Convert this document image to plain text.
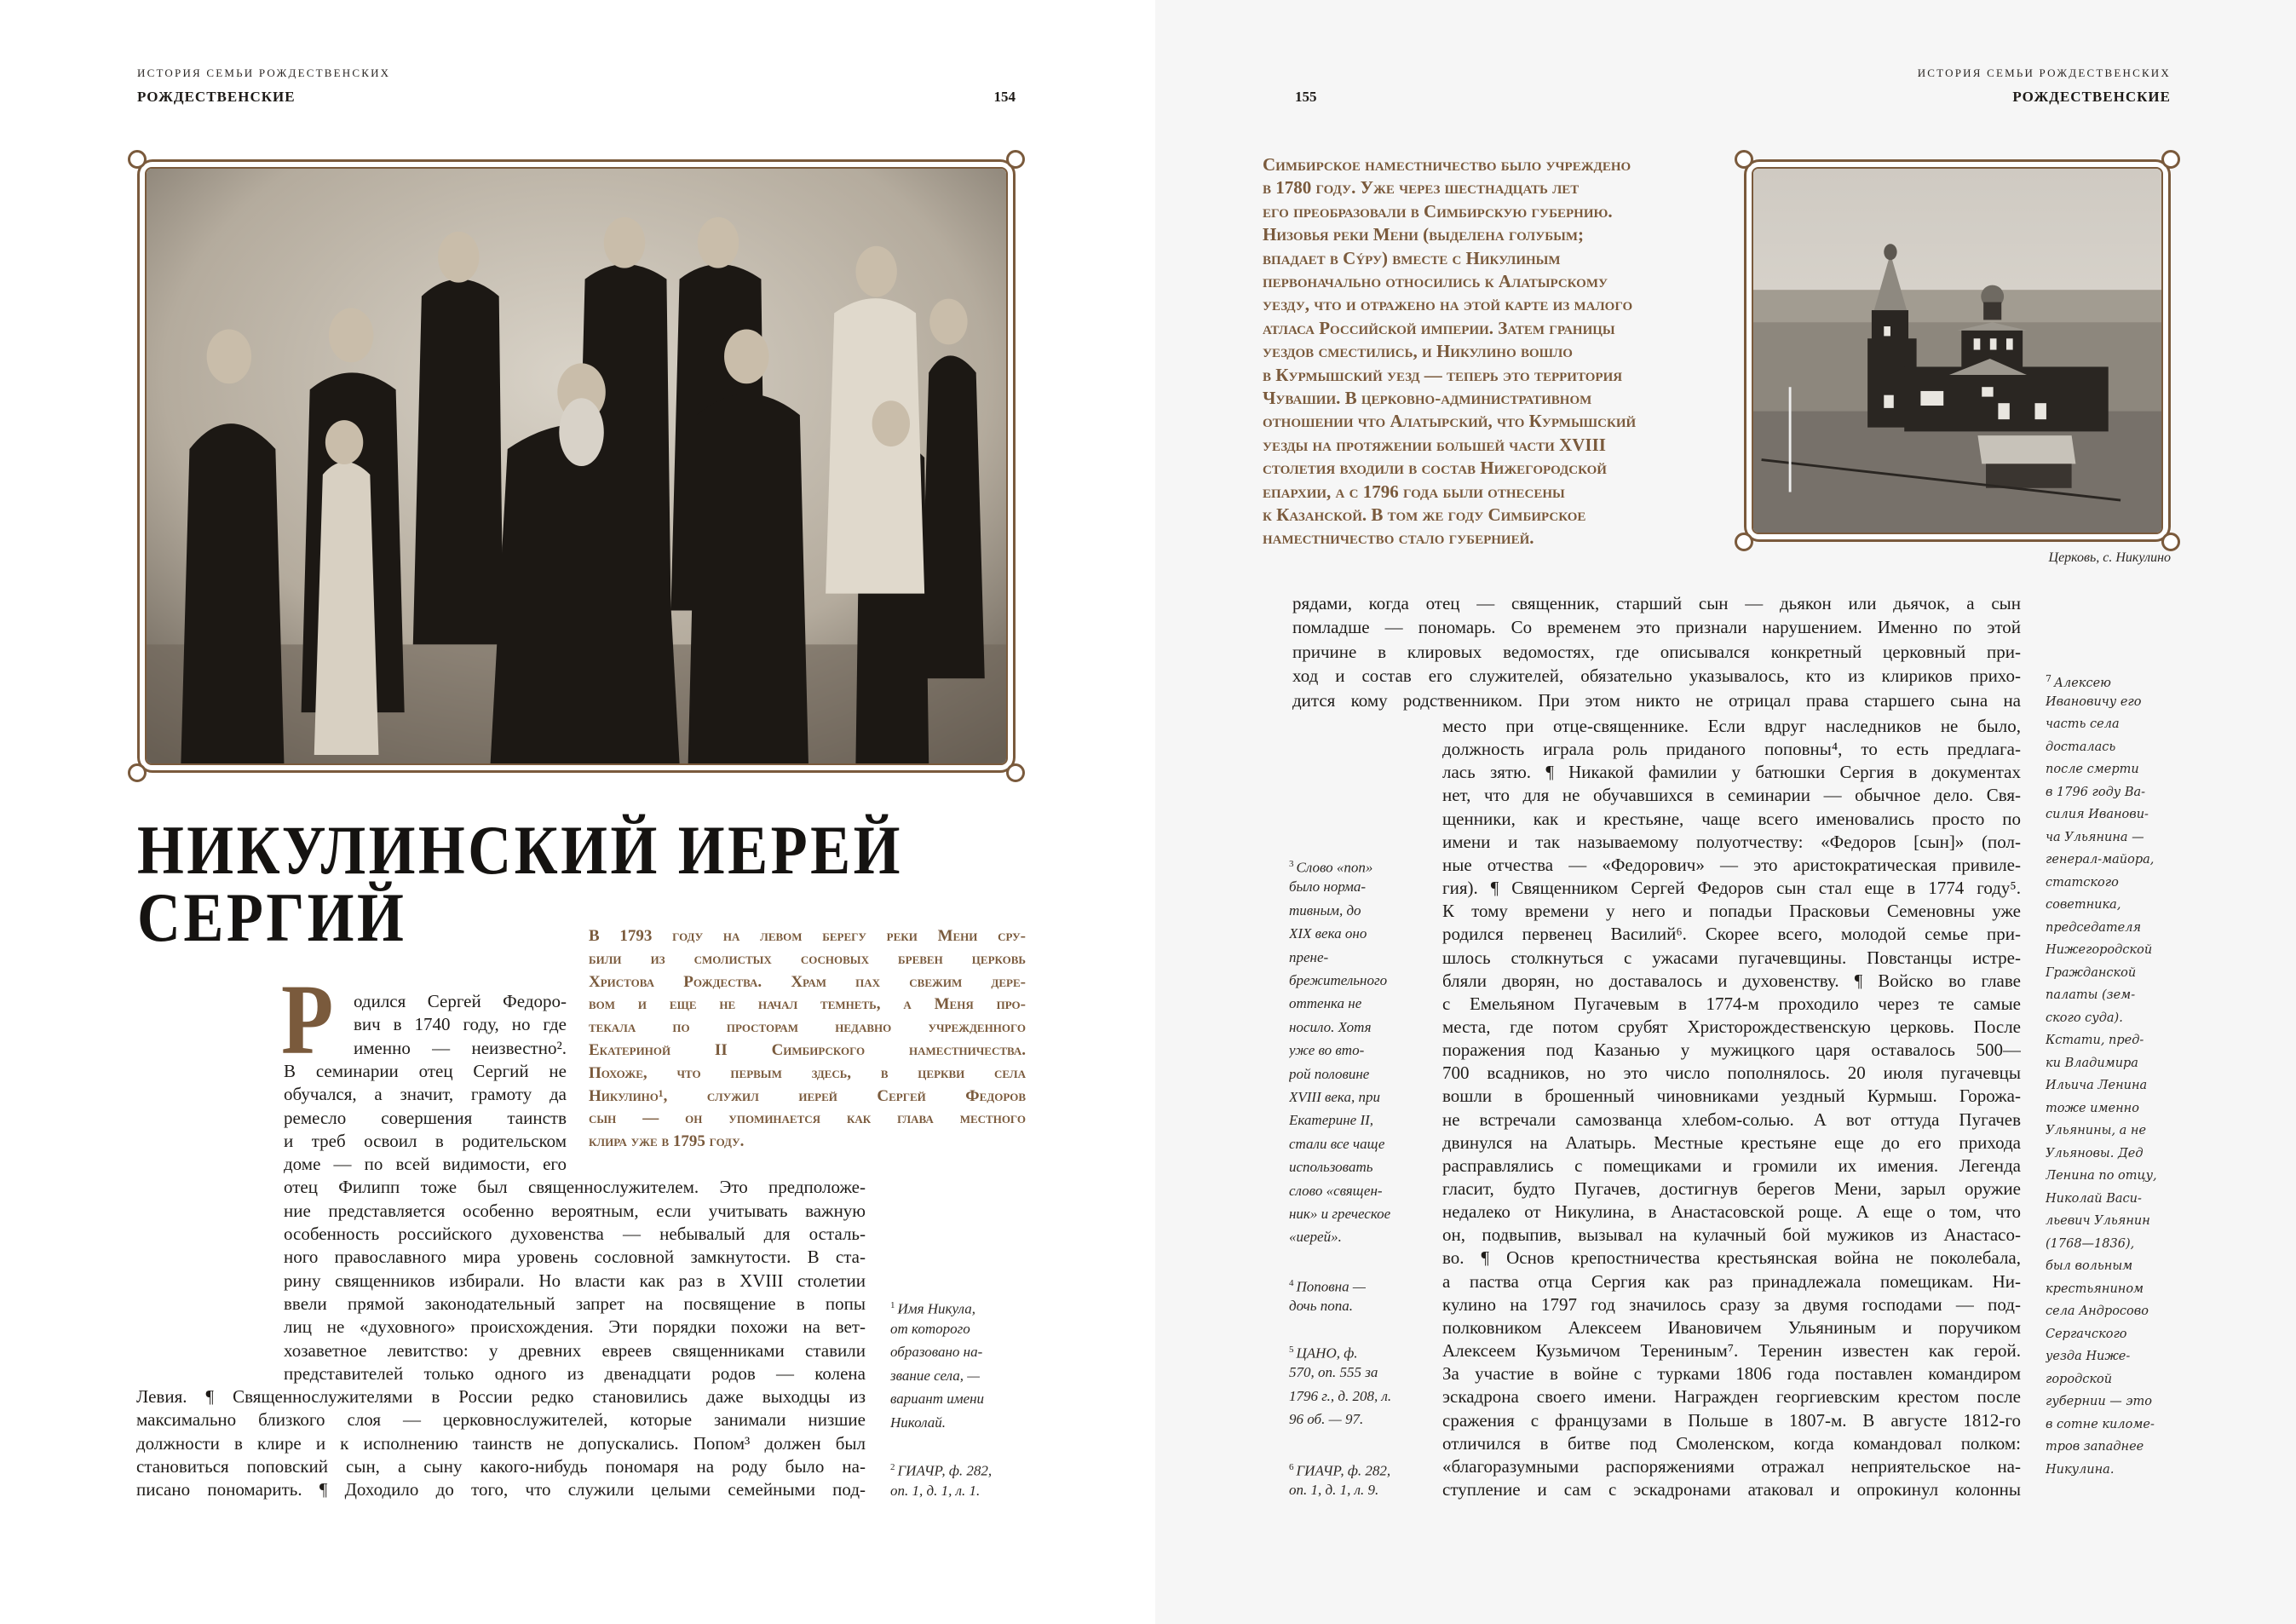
ИСТОРИЯ СЕМЬИ РОЖДЕСТВЕНСКИХ
РОЖДЕСТВЕНСКИЕ	154
НИКУЛИНСКИЙ ИЕРЕЙ
СЕРГИЙ
Р
ИСТОРИЯ СЕМЬИ РОЖДЕСТВЕНСКИХ
РОЖДЕСТВЕНСКИЕ
155
Церковь, с. Никулино
В 1793 году на левом берегу реки Мени сру-
били из смолистых сосновых бревен церковь
Христова Рождества. Храм пах свежим дере-
вом и еще не начал темнеть, а Меня про-
текала по просторам недавно учрежденного
Екатериной II Симбирского наместничества.
Похоже, что первым здесь, в церкви села
Никулино¹, служил иерей Сергей Федоров
сын — он упоминается как глава местного
клира уже в 1795 году.
одился Сергей Федоро-
вич в 1740 году, но где
именно — неизвестно².
В семинарии отец Сергий не
обучался, а значит, грамоту да
ремесло совершения таинств
и треб освоил в родительском
доме — по всей видимости, его
отец Филипп тоже был священнослужителем. Это предположе-
ние представляется особенно вероятным, если учитывать важную
особенность российского духовенства — небывалый для осталь-
ного православного мира уровень сословной замкнутости. В ста-
рину священников избирали. Но власти как раз в XVIII столетии
ввели прямой законодательный запрет на посвящение в попы
лиц не «духовного» происхождения. Эти порядки похожи на вет-
хозаветное левитство: у древних евреев священниками ставили
представителей только одного из двенадцати родов — колена
Левия. ¶ Священнослужителями в России редко становились даже выходцы из
максимально близкого слоя — церковнослужителей, которые занимали низшие
должности в клире и к исполнению таинств не допускались. Попом³ должен был
становиться поповский сын, а сыну какого-нибудь пономаря на роду было на-
писано пономарить. ¶ Доходило до того, что служили целыми семейными под-
Симбирское наместничество было учреждено
в 1780 году. Уже через шестнадцать лет
его преобразовали в Симбирскую губернию.
Низовья реки Мени (выделена голубым;
впадает в Сýру) вместе с Никулиным
первоначально относились к Алатырскому
уезду, что и отражено на этой карте из малого
атласа Российской империи. Затем границы
уездов сместились, и Никулино вошло
в Курмышский уезд — теперь это территория
Чувашии. В церковно-административном
отношении что Алатырский, что Курмышский
уезды на протяжении большей части XVIII
столетия входили в состав Нижегородской
епархии, а с 1796 года были отнесены
к Казанской. В том же году Симбирское
наместничество стало губернией.
рядами, когда отец — священник, старший сын — дьякон или дьячок, а сын
помладше — пономарь. Со временем это признали нарушением. Именно по этой
причине в клировых ведомостях, где описывался конкретный церковный при-
ход и состав его служителей, обязательно указывалось, кто из клириков прихо-
дится кому родственником. При этом никто не отрицал права старшего сына на
место при отце-священнике. Если вдруг наследников не было,
должность играла роль приданого поповны⁴, то есть предлага-
лась зятю. ¶ Никакой фамилии у батюшки Сергия в документах
нет, что для не обучавшихся в семинарии — обычное дело. Свя-
щенники, как и крестьяне, чаще всего именовались просто по
имени и так называемому полуотчеству: «Федоров [сын]» (пол-
ные отчества — «Федорович» — это аристократическая привиле-
гия). ¶ Священником Сергей Федоров сын стал еще в 1774 году⁵.
К тому времени у него и попадьи Прасковьи Семеновны уже
родился первенец Василий⁶. Скорее всего, молодой семье при-
шлось столкнуться с ужасами пугачевщины. Повстанцы истре-
бляли дворян, но доставалось и духовенству. ¶ Войско во главе
с Емельяном Пугачевым в 1774-м проходило через те самые
места, где потом срубят Христорождественскую церковь. После
поражения под Казанью у мужицкого царя оставалось 500—
700 всадников, но это число пополнялось. 20 июля пугачевцы
вошли в брошенный чиновниками уездный Курмыш. Горожа-
не встречали самозванца хлебом-солью. А вот оттуда Пугачев
двинулся на Алатырь. Местные крестьяне еще до его прихода
расправлялись с помещиками и громили их имения. Легенда
гласит, будто Пугачев, достигнув берегов Мени, зарыл оружие
недалеко от Никулина, в Анастасовской роще. А еще о том, что
он, подвыпив, вызывал на кулачный бой мужиков из Анастасо-
во. ¶ Основ крепостничества крестьянская война не поколебала,
а паства отца Сергия как раз принадлежала помещикам. Ни-
кулино на 1797 год значилось сразу за двумя господами — под-
полковником Алексеем Ивановичем Ульяниным и поручиком
Алексеем Кузьмичом Терениным⁷. Теренин известен как герой.
За участие в войне с турками 1806 года поставлен командиром
эскадрона своего имени. Награжден георгиевским крестом после
сражения с французами в Польше в 1807-м. В августе 1812-го
отличился в битве под Смоленском, когда командовал полком:
«благоразумными распоряжениями отражал неприятельское на-
ступление и сам с эскадронами атаковал и опрокинул колонны
$^1$ Имя Никула,
от которого
образовано на-
звание села, —
вариант имени
Николай.
$^2$ ГИАЧР, ф. 282,
оп. 1, д. 1, л. 1.
$^3$ Слово «поп»
было норма-
тивным, до
XIX века оно
прене-
брежительного
оттенка не
носило. Хотя
уже во вто-
рой половине
XVIII века, при
Екатерине II,
стали все чаще
использовать
слово «священ-
ник» и греческое
«иерей».
$^4$ Поповна —
дочь попа.
$^5$ ЦАНО, ф.
570, оп. 555 за
1796 г., д. 208, л.
96 об. — 97.
$^6$ ГИАЧР, ф. 282,
оп. 1, д. 1, л. 9.
$^7$ Алексею
Ивановичу его
часть села
досталась
после смерти
в 1796 году Ва-
силия Иванови-
ча Ульянина —
генерал-майора,
статского
советника,
председателя
Нижегородской
Гражданской
палаты (зем-
ского суда).
Кстати, пред-
ки Владимира
Ильича Ленина
тоже именно
Ульянины, а не
Ульяновы. Дед
Ленина по отцу,
Николай Васи-
льевич Ульянин
(1768—1836),
был вольным
крестьянином
села Андросово
Сергачского
уезда Ниже-
городской
губернии — это
в сотне киломе-
тров западнее
Никулина.
